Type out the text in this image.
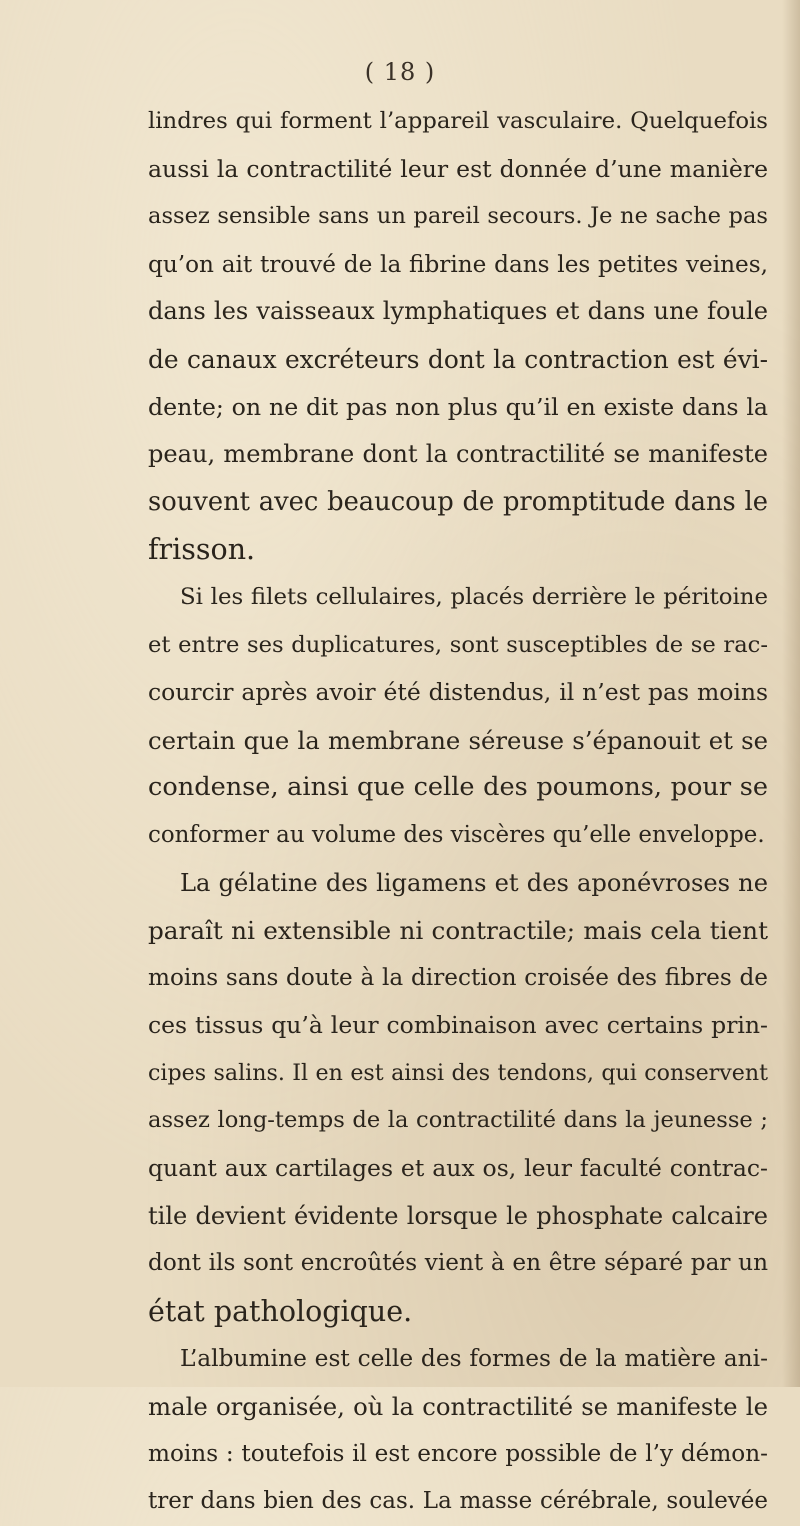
( 18 )
lindres qui forment l’appareil vasculaire. Quelquefois
aussi la contractilité leur est donnée d’une manière
assez sensible sans un pareil secours. Je ne sache pas
qu’on ait trouvé de la fibrine dans les petites veines,
dans les vaisseaux lymphatiques et dans une foule
de canaux excréteurs dont la contraction est évi-
dente; on ne dit pas non plus qu’il en existe dans la
peau, membrane dont la contractilité se manifeste
souvent avec beaucoup de promptitude dans le
frisson.
Si les filets cellulaires, placés derrière le péritoine
et entre ses duplicatures, sont susceptibles de se rac-
courcir après avoir été distendus, il n’est pas moins
certain que la membrane séreuse s’épanouit et se
condense, ainsi que celle des poumons, pour se
conformer au volume des viscères qu’elle enveloppe.
La gélatine des ligamens et des aponévroses ne
paraît ni extensible ni contractile; mais cela tient
moins sans doute à la direction croisée des fibres de
ces tissus qu’à leur combinaison avec certains prin-
cipes salins. Il en est ainsi des tendons, qui conservent
assez long-temps de la contractilité dans la jeunesse ;
quant aux cartilages et aux os, leur faculté contrac-
tile devient évidente lorsque le phosphate calcaire
dont ils sont encroûtés vient à en être séparé par un
état pathologique.
L’albumine est celle des formes de la matière ani-
male organisée, où la contractilité se manifeste le
moins : toutefois il est encore possible de l’y démon-
trer dans bien des cas. La masse cérébrale, soulevée
